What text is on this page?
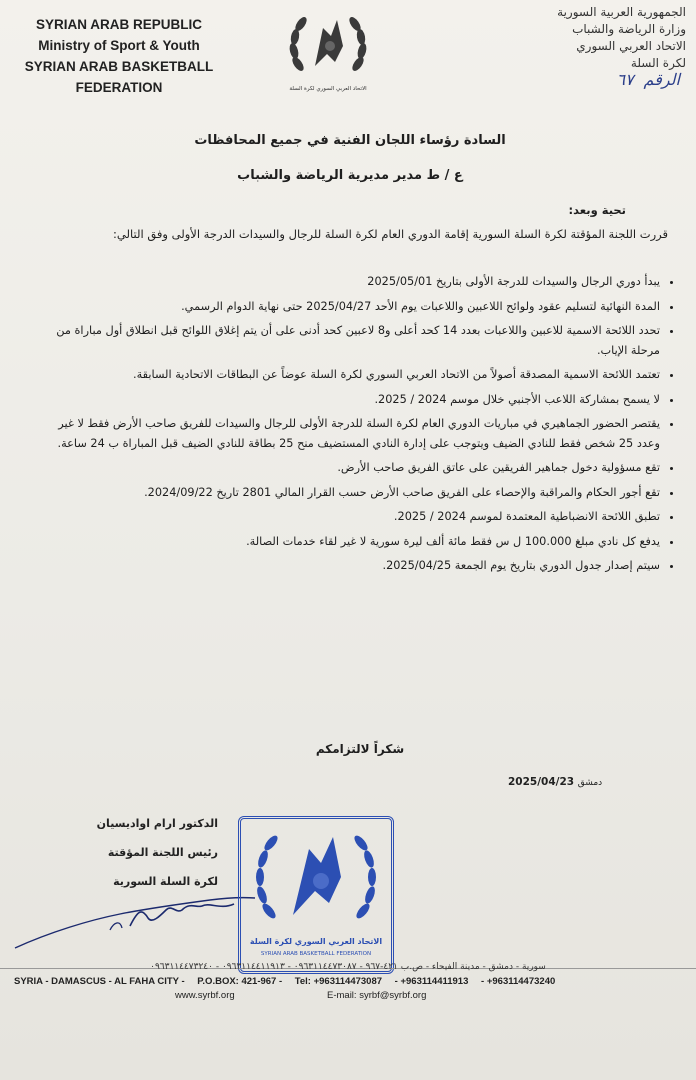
SYRIAN ARAB REPUBLIC
Ministry of Sport & Youth
SYRIAN ARAB BASKETBALL
FEDERATION	الاتحاد العربي السوري لكرة السلة
الجمهورية العربية السورية
وزارة الرياضة والشباب
الاتحاد العربي السوري
لكرة السلة
الرقم ٦٧
السادة رؤساء اللجان الفنية في جميع المحافظات
ع / ط مدير مديرية الرياضة والشباب
تحية وبعد:
قررت اللجنة المؤقتة لكرة السلة السورية إقامة الدوري العام لكرة السلة للرجال والسيدات الدرجة الأولى وفق التالي:
• يبدأ دوري الرجال والسيدات للدرجة الأولى بتاريخ 2025/05/01
• المدة النهائية لتسليم عقود ولوائح اللاعبين واللاعبات يوم الأحد 2025/04/27 حتى نهاية الدوام الرسمي.
• تحدد اللائحة الاسمية للاعبين واللاعبات بعدد 14 كحد أعلى و8 لاعبين كحد أدنى على أن يتم إغلاق اللوائح قبل انطلاق أول مباراة من مرحلة الإياب.
• تعتمد اللائحة الاسمية المصدقة أصولاً من الاتحاد العربي السوري لكرة السلة عوضاً عن البطاقات الاتحادية السابقة.
• لا يسمح بمشاركة اللاعب الأجنبي خلال موسم 2024 / 2025.
• يقتصر الحضور الجماهيري في مباريات الدوري العام لكرة السلة للدرجة الأولى للرجال والسيدات للفريق صاحب الأرض فقط لا غير وعدد 25 شخص فقط للنادي الضيف ويتوجب على إدارة النادي المستضيف منح 25 بطاقة للنادي الضيف قبل المباراة ب 24 ساعة.
• تقع مسؤولية دخول جماهير الفريقين على عاتق الفريق صاحب الأرض.
• تقع أجور الحكام والمراقبة والإحصاء على الفريق صاحب الأرض حسب القرار المالي 2801 تاريخ 2024/09/22.
• تطبق اللائحة الانضباطية المعتمدة لموسم 2024 / 2025.
• يدفع كل نادي مبلغ 100.000 ل س فقط مائة ألف ليرة سورية لا غير لقاء خدمات الصالة.
• سيتم إصدار جدول الدوري بتاريخ يوم الجمعة 2025/04/25.
شكراً لالتزامكم
2025/04/23 دمشق
الدكتور ارام اواديسيان
رئيس اللجنة المؤقتة
لكرة السلة السورية
الاتحاد العربي السوري لكرة السلة
SYRIAN ARAB BASKETBALL FEDERATION
سورية - دمشق - مدينة الفيحاء - ص.ب ٤٢١-٩٦٧ - ٠٩٦٣١١٤٤٧٣٠٨٧ - ٠٩٦٣١١٤٤١١٩١٣ - ٠٩٦٣١١٤٤٧٣٢٤٠
SYRIA - DAMASCUS - AL FAHA CITY - P.O.BOX: 421-967 - Tel: +963114473087 - +963114411913 - +963114473240
www.syrbf.org	E-mail: syrbf@syrbf.org
